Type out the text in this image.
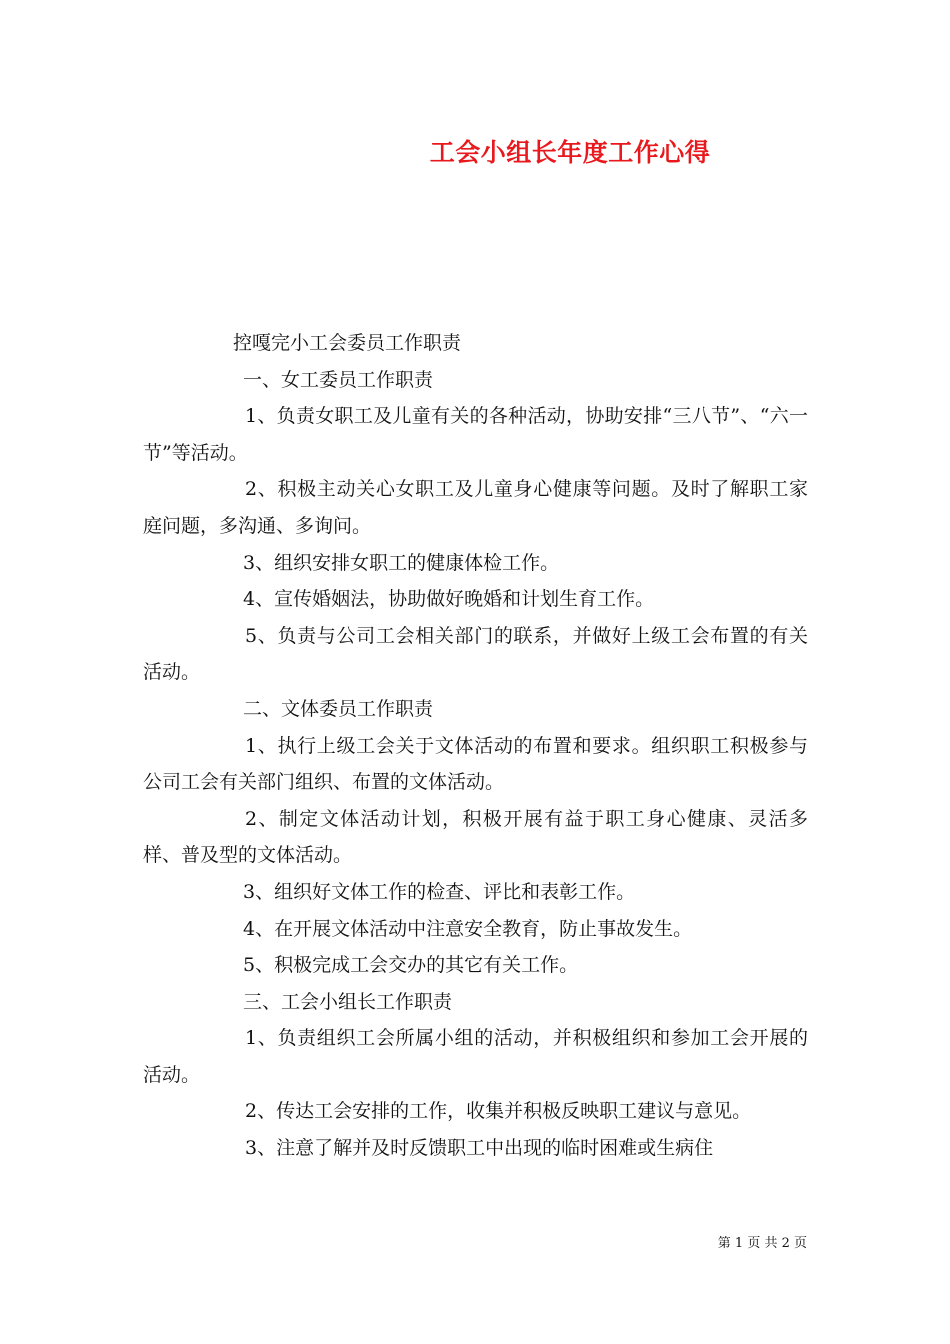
工会小组长年度工作心得

控嘎完小工会委员工作职责

一、女工委员工作职责

1、负责女职工及儿童有关的各种活动，协助安排“三八节”、“六一节”等活动。

2、积极主动关心女职工及儿童身心健康等问题。及时了解职工家庭问题，多沟通、多询问。

3、组织安排女职工的健康体检工作。

4、宣传婚姻法，协助做好晚婚和计划生育工作。

5、负责与公司工会相关部门的联系，并做好上级工会布置的有关活动。

二、文体委员工作职责

1、执行上级工会关于文体活动的布置和要求。组织职工积极参与公司工会有关部门组织、布置的文体活动。

2、制定文体活动计划，积极开展有益于职工身心健康、灵活多样、普及型的文体活动。

3、组织好文体工作的检查、评比和表彰工作。

4、在开展文体活动中注意安全教育，防止事故发生。

5、积极完成工会交办的其它有关工作。

三、工会小组长工作职责

1、负责组织工会所属小组的活动，并积极组织和参加工会开展的活动。

2、传达工会安排的工作，收集并积极反映职工建议与意见。

3、注意了解并及时反馈职工中出现的临时困难或生病住

第 1 页 共 2 页
